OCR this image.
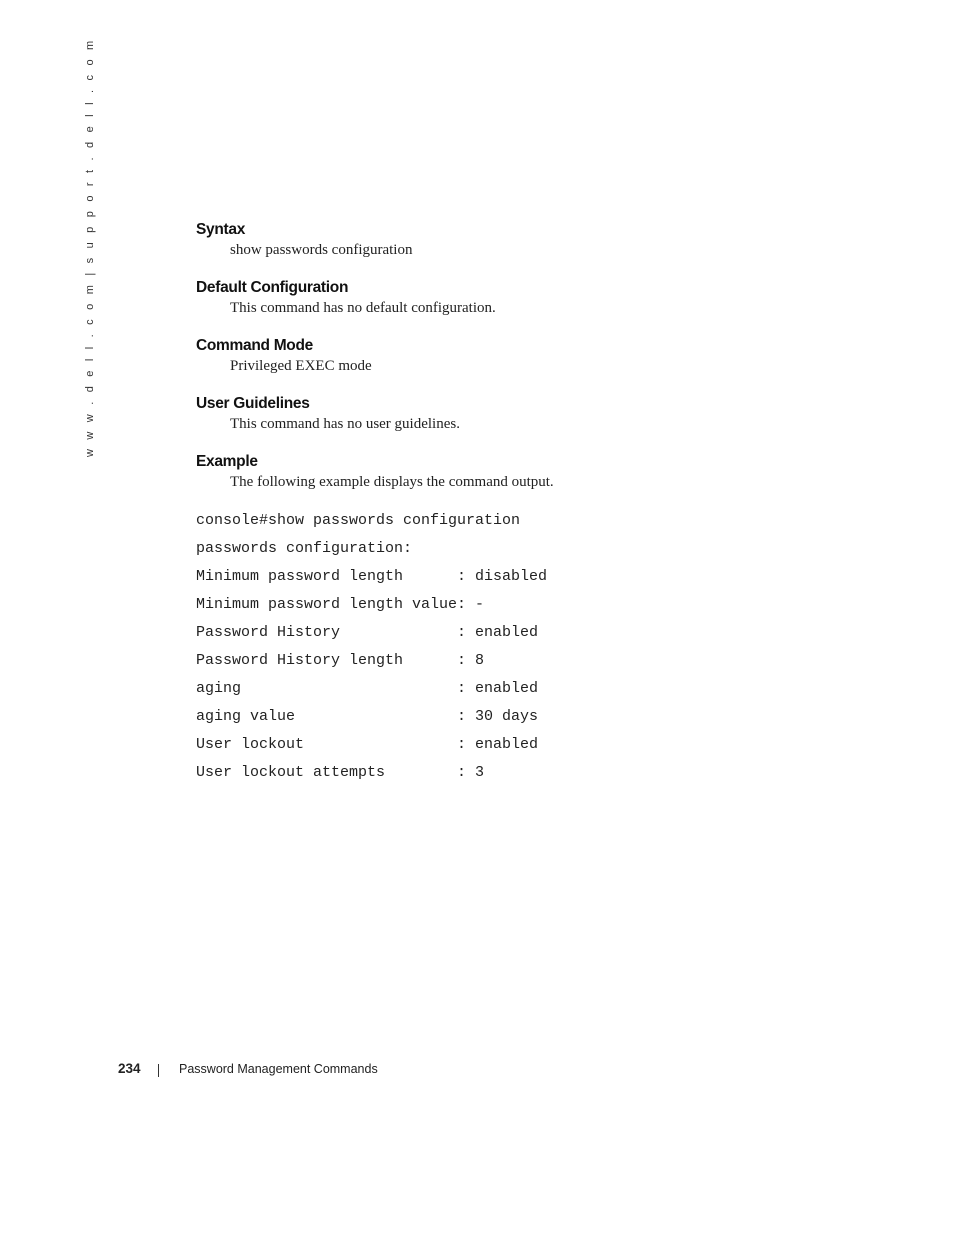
w w w . d e l l . c o m | s u p p o r t . d e l l . c o m	Syntax
show passwords configuration
Default Configuration
This command has no default configuration.
Command Mode
Privileged EXEC mode
User Guidelines
This command has no user guidelines.
Example
The following example displays the command output.
console#show passwords configuration
passwords configuration:
Minimum password length      : disabled
Minimum password length value: -
Password History             : enabled
Password History length      : 8
aging                        : enabled
aging value                  : 30 days
User lockout                 : enabled
User lockout attempts        : 3
234	Password Management Commands
